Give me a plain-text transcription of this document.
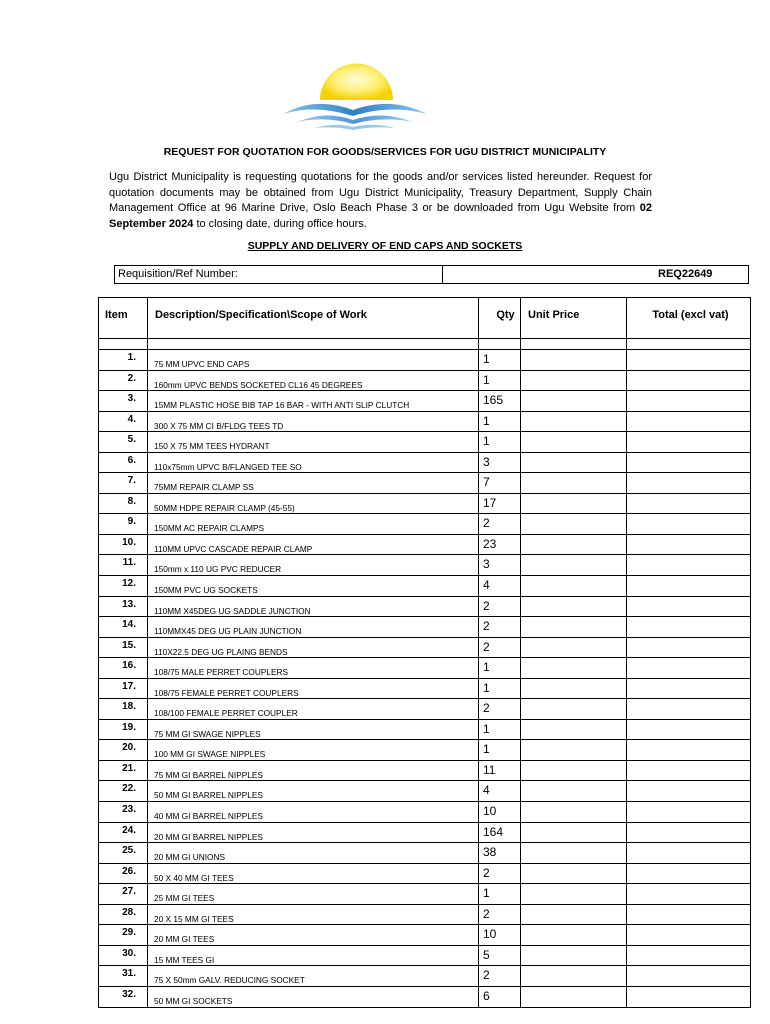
REQUEST FOR QUOTATION FOR GOODS/SERVICES FOR UGU DISTRICT MUNICIPALITY
Ugu District Municipality is requesting quotations for the goods and/or services listed hereunder. Request for quotation documents may be obtained from Ugu District Municipality, Treasury Department, Supply Chain Management Office at 96 Marine Drive, Oslo Beach Phase 3 or be downloaded from Ugu Website from 02 September 2024 to closing date, during office hours.
SUPPLY AND DELIVERY OF END CAPS AND SOCKETS
Requisition/Ref Number:	REQ22649
Item	Description/Specification\Scope of Work	Qty	Unit Price	Total (excl vat)

1.	75 MM UPVC END CAPS	1		
2.	160mm UPVC BENDS SOCKETED CL16 45 DEGREES	1		
3.	15MM PLASTIC HOSE BIB TAP 16 BAR - WITH ANTI SLIP CLUTCH	165		
4.	300 X 75 MM CI B/FLDG TEES TD	1		
5.	150 X 75 MM TEES HYDRANT	1		
6.	110x75mm UPVC B/FLANGED TEE SO	3		
7.	75MM REPAIR CLAMP SS	7		
8.	50MM HDPE REPAIR CLAMP (45-55)	17		
9.	150MM AC REPAIR CLAMPS	2		
10.	110MM UPVC CASCADE REPAIR CLAMP	23		
11.	150mm x 110 UG PVC REDUCER	3		
12.	150MM PVC UG SOCKETS	4		
13.	110MM X45DEG UG SADDLE JUNCTION	2		
14.	110MMX45 DEG UG PLAIN JUNCTION	2		
15.	110X22.5 DEG UG PLAING BENDS	2		
16.	108/75 MALE PERRET COUPLERS	1		
17.	108/75 FEMALE PERRET COUPLERS	1		
18.	108/100 FEMALE PERRET COUPLER	2		
19.	75 MM GI SWAGE NIPPLES	1		
20.	100 MM GI SWAGE NIPPLES	1		
21.	75 MM GI BARREL NIPPLES	11		
22.	50 MM GI BARREL NIPPLES	4		
23.	40 MM GI BARREL NIPPLES	10		
24.	20 MM GI BARREL NIPPLES	164		
25.	20 MM GI UNIONS	38		
26.	50 X 40 MM GI TEES	2		
27.	25 MM GI TEES	1		
28.	20 X 15 MM GI TEES	2		
29.	20 MM GI TEES	10		
30.	15 MM TEES GI	5		
31.	75 X 50mm GALV. REDUCING SOCKET	2		
32.	50 MM GI SOCKETS	6		
